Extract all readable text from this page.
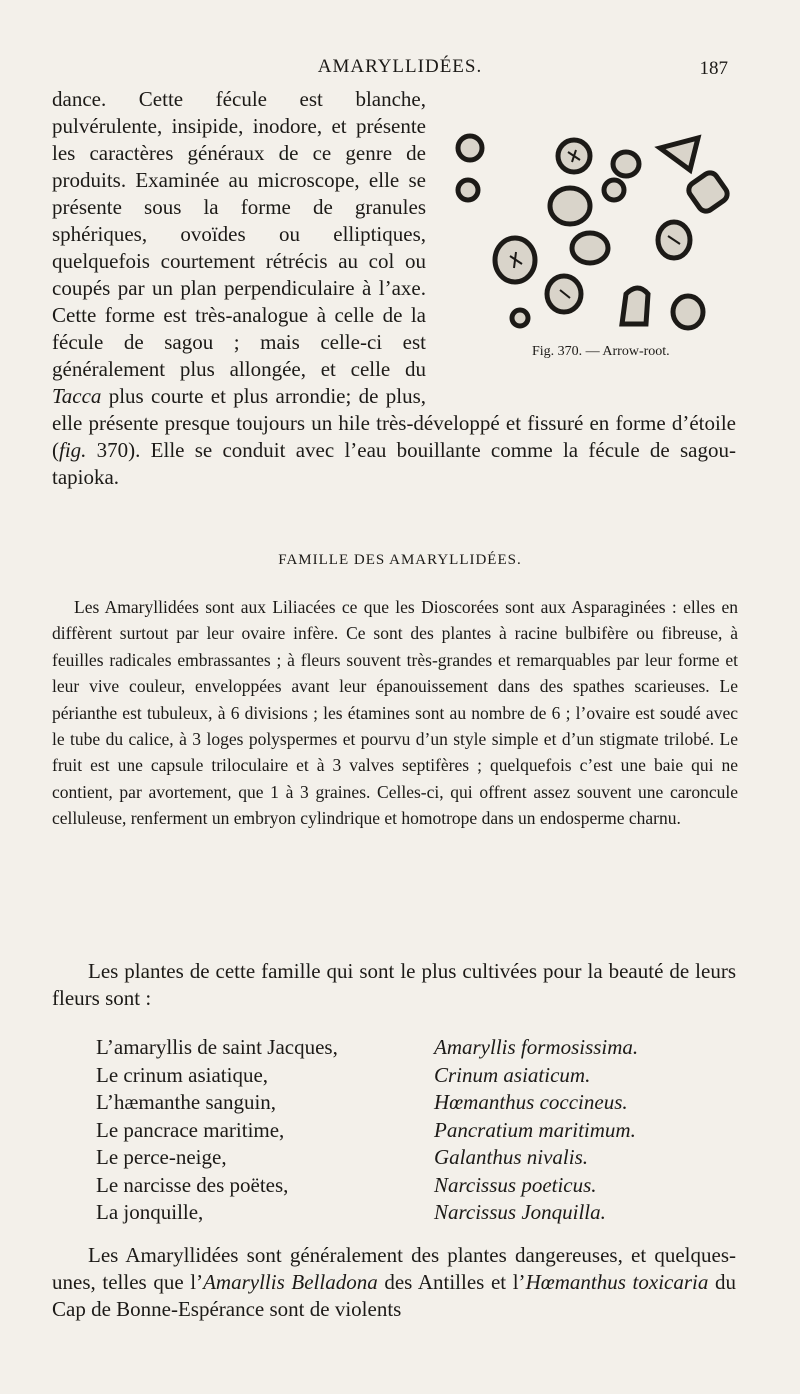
AMARYLLIDÉES.	187
Fig. 370. — Arrow-root.
dance. Cette fécule est blanche, pulvérulente, insipide, inodore, et présente les caractères généraux de ce genre de produits. Examinée au microscope, elle se présente sous la forme de granules sphériques, ovoïdes ou elliptiques, quelquefois courtement rétrécis au col ou coupés par un plan perpendiculaire à l’axe. Cette forme est très-analogue à celle de la fécule de sagou ; mais celle-ci est généralement plus allongée, et celle du Tacca plus courte et plus arrondie; de plus, elle présente presque toujours un hile très-développé et fissuré en forme d’étoile (fig. 370). Elle se conduit avec l’eau bouillante comme la fécule de sagou-tapioka.
FAMILLE DES AMARYLLIDÉES.
Les Amaryllidées sont aux Liliacées ce que les Dioscorées sont aux Asparaginées : elles en diffèrent surtout par leur ovaire infère. Ce sont des plantes à racine bulbifère ou fibreuse, à feuilles radicales embrassantes ; à fleurs souvent très-grandes et remarquables par leur forme et leur vive couleur, enveloppées avant leur épanouissement dans des spathes scarieuses. Le périanthe est tubuleux, à 6 divisions ; les étamines sont au nombre de 6 ; l’ovaire est soudé avec le tube du calice, à 3 loges polyspermes et pourvu d’un style simple et d’un stigmate trilobé. Le fruit est une capsule triloculaire et à 3 valves septifères ; quelquefois c’est une baie qui ne contient, par avortement, que 1 à 3 graines. Celles-ci, qui offrent assez souvent une caroncule celluleuse, renferment un embryon cylindrique et homotrope dans un endosperme charnu.
Les plantes de cette famille qui sont le plus cultivées pour la beauté de leurs fleurs sont :
L’amaryllis de saint Jacques,	Amaryllis formosissima.
Le crinum asiatique,	Crinum asiaticum.
L’hæmanthe sanguin,	Hœmanthus coccineus.
Le pancrace maritime,	Pancratium maritimum.
Le perce-neige,	Galanthus nivalis.
Le narcisse des poëtes,	Narcissus poeticus.
La jonquille,	Narcissus Jonquilla.
Les Amaryllidées sont généralement des plantes dangereuses, et quelques-unes, telles que l’Amaryllis Belladona des Antilles et l’Hœmanthus toxicaria du Cap de Bonne-Espérance sont de violents
